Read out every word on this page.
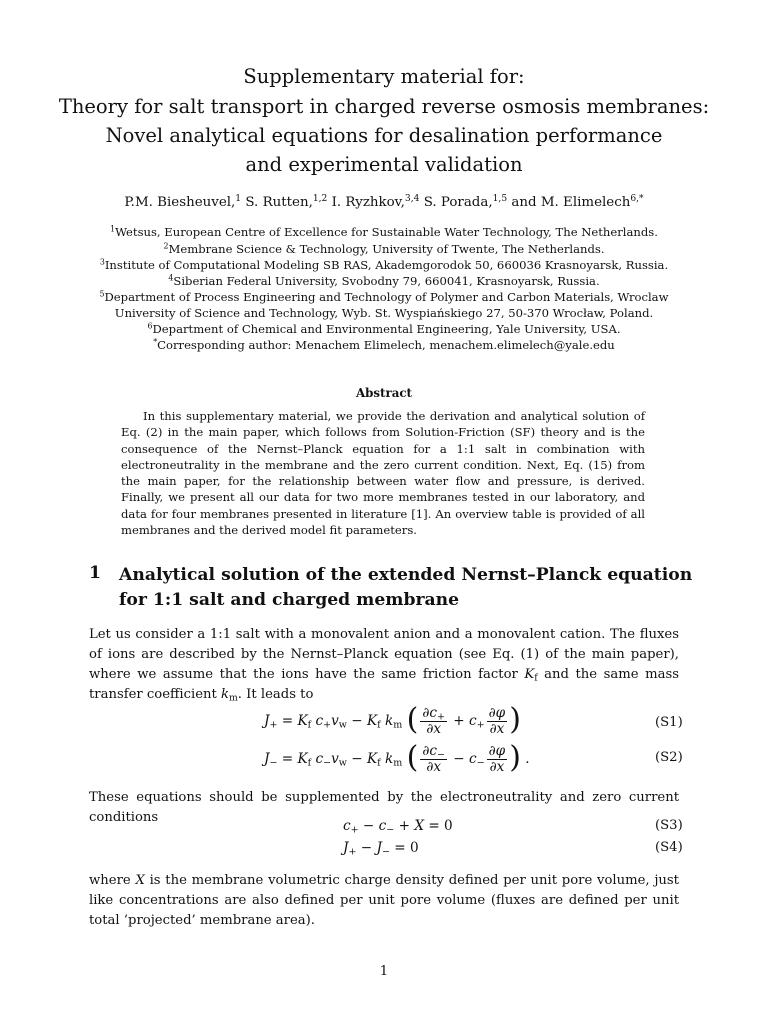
Supplementary material for:
Theory for salt transport in charged reverse osmosis membranes:
Novel analytical equations for desalination performance
and experimental validation
P.M. Biesheuvel,$^1$ S. Rutten,$^{1,2}$ I. Ryzhkov,$^{3,4}$ S. Porada,$^{1,5}$ and M. Elimelech$^{6,*}$
$^1$Wetsus, European Centre of Excellence for Sustainable Water Technology, The Netherlands.
$^2$Membrane Science & Technology, University of Twente, The Netherlands.
$^3$Institute of Computational Modeling SB RAS, Akademgorodok 50, 660036 Krasnoyarsk, Russia.
$^4$Siberian Federal University, Svobodny 79, 660041, Krasnoyarsk, Russia.
$^5$Department of Process Engineering and Technology of Polymer and Carbon Materials, Wroclaw
University of Science and Technology, Wyb. St. Wyspiańskiego 27, 50-370 Wrocław, Poland.
$^6$Department of Chemical and Environmental Engineering, Yale University, USA.
*Corresponding author: Menachem Elimelech, menachem.elimelech@yale.edu
Abstract

In this supplementary material, we provide the derivation and analytical solution of Eq. (2) in the main paper, which follows from Solution-Friction (SF) theory and is the consequence of the Nernst–Planck equation for a 1:1 salt in combination with electroneutrality in the membrane and the zero current condition. Next, Eq. (15) from the main paper, for the relationship between water flow and pressure, is derived. Finally, we present all our data for two more membranes tested in our laboratory, and data for four membranes presented in literature [1]. An overview table is provided of all membranes and the derived model fit parameters.

1 Analytical solution of the extended Nernst–Planck equation
for 1:1 salt and charged membrane

Let us consider a 1:1 salt with a monovalent anion and a monovalent cation. The fluxes of ions are described by the Nernst–Planck equation (see Eq. (1) of the main paper), where we assume that the ions have the same friction factor $K_f$ and the same mass transfer coefficient $k_m$. It leads to

$J_+ = K_f$ $c_+v_w - K_f$ $k_m$ ( $\frac{\partial c_+}{\partial x} + c_+ \frac{\partial\varphi}{\partial x}$ )	(S1)
$J_- = K_f$ $c_-v_w - K_f$ $k_m$ ( $\frac{\partial c_-}{\partial x} - c_- \frac{\partial\varphi}{\partial x}$ ) .	(S2)

These equations should be supplemented by the electroneutrality and zero current conditions

$c_+ - c_- + X = 0$	(S3)
$J_+ - J_- = 0$	(S4)

where X is the membrane volumetric charge density defined per unit pore volume, just like concentrations are also defined per unit pore volume (fluxes are defined per unit total ‘projected’ membrane area).

1
